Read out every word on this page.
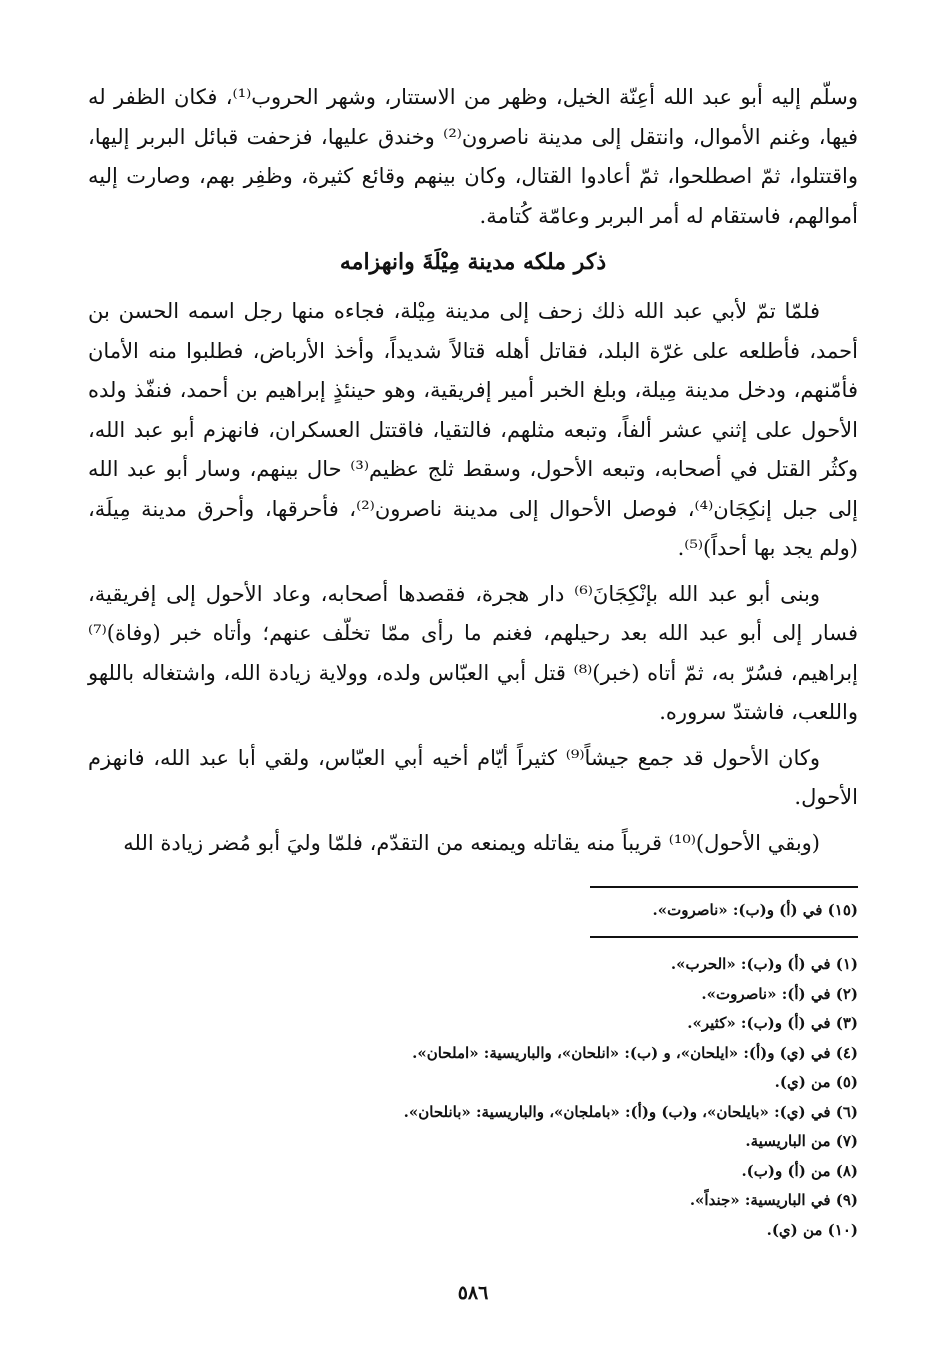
وسلّم إليه أبو عبد الله أعِنّة الخيل، وظهر من الاستتار، وشهر الحروب⁽¹⁾، فكان الظفر له فيها، وغنم الأموال، وانتقل إلى مدينة ناصرون⁽²⁾ وخندق عليها، فزحفت قبائل البربر إليها، واقتتلوا، ثمّ اصطلحوا، ثمّ أعادوا القتال، وكان بينهم وقائع كثيرة، وظفِر بهم، وصارت إليه أموالهم، فاستقام له أمر البربر وعامّة كُتامة.

ذكر ملكه مدينة مِيْلَةَ وانهزامه

فلمّا تمّ لأبي عبد الله ذلك زحف إلى مدينة مِيْلة، فجاءه منها رجل اسمه الحسن بن أحمد، فأطلعه على غرّة البلد، فقاتل أهله قتالاً شديداً، وأخذ الأرباض، فطلبوا منه الأمان فأمّنهم، ودخل مدينة مِيلة، وبلغ الخبر أمير إفريقية، وهو حينئذٍ إبراهيم بن أحمد، فنفّذ ولده الأحول على إثني عشر ألفاً، وتبعه مثلهم، فالتقيا، فاقتتل العسكران، فانهزم أبو عبد الله، وكثُر القتل في أصحابه، وتبعه الأحول، وسقط ثلج عظيم⁽³⁾ حال بينهم، وسار أبو عبد الله إلى جبل إنكِجَان⁽⁴⁾، فوصل الأحوال إلى مدينة ناصرون⁽²⁾، فأحرقها، وأحرق مدينة مِيلَة، (ولم يجد بها أحداً)⁽⁵⁾.

وبنى أبو عبد الله بإنْكِجَانَ⁽⁶⁾ دار هجرة، فقصدها أصحابه، وعاد الأحول إلى إفريقية، فسار إلى أبو عبد الله بعد رحيلهم، فغنم ما رأى ممّا تخلّف عنهم؛ وأتاه خبر (وفاة)⁽⁷⁾ إبراهيم، فسُرّ به، ثمّ أتاه (خبر)⁽⁸⁾ قتل أبي العبّاس ولده، وولاية زيادة الله، واشتغاله باللهو واللعب، فاشتدّ سروره.

وكان الأحول قد جمع جيشاً⁽⁹⁾ كثيراً أيّام أخيه أبي العبّاس، ولقي أبا عبد الله، فانهزم الأحول.

(وبقي الأحول)⁽¹⁰⁾ قريباً منه يقاتله ويمنعه من التقدّم، فلمّا وليَ أبو مُضر زيادة الله

(١٥) في (أ) و(ب): «ناصروت».
(١) في (أ) و(ب): «الحرب».
(٢) في (أ): «ناصروت».
(٣) في (أ) و(ب): «كثير».
(٤) في (ي) و(أ): «ايلحان»، و (ب): «انلحان»، والباريسية: «املحان».
(٥) من (ي).
(٦) في (ي): «بايلحان»، و(ب) و(أ): «باملجان»، والباريسية: «بانلحان».
(٧) من الباريسية.
(٨) من (أ) و(ب).
(٩) في الباريسية: «جنداً».
(١٠) من (ي).
٥٨٦
